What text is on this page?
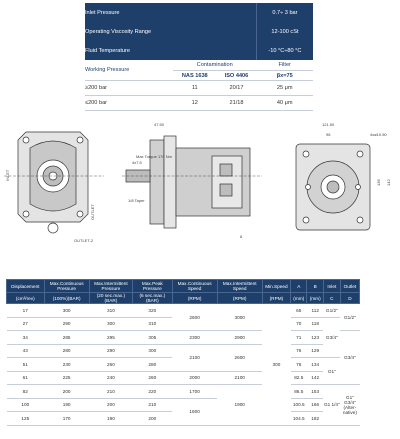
Inlet Pressure			0.7÷ 3 bar
Operating Viscosity Range			12-100 cSt
Fluid Temperature			-10 °C÷80 °C
Working Pressure	Contamination		Filter
	NAS 1638	ISO 4406	βx=75
≥200 bar	11	20/17	25 μm
≤200 bar	12	21/18	40 μm
INLET
OUTLET
OUTLET-2
47.50
Max Torque 170 Nm
4x7.5
1/8 Taper
8
121.50
96	4x⌀10.50
136 142
Displacement	Max.Continuous Pressure	Max.Intermittent Pressure	Max.Peak Pressure	Max.Continuous Speed	Max.Intermittent Speed	Min.Speed	A	B	Inlet	Outlet
(cm³/rev)	(100%)(BAR)	(20 sec.max.)(BAR)	(6 sec.max.)(BAR)	(RPM)	(RPM)	(RPM)	(mm)	(mm)	C	D
17	300	310	320	2600	3000	300	65	112	G1/2"	G1/2"
27	290	300	310				70	118	G3/4"	
34	285	295	305	2300	2900		71	123		G3/4"
43	280	290	300	2100	2600		76	129		
51	230	260	280				76	134	G1"	
61	225	240	260	2000	2100		82.5	142		
82	200	210	220	1700	1900		86.5	153	G1 1/4"	G1" G3/4" (Alter-native)
100	190	200	210	1600			100.5	166		
125	170	190	200				104.5	182		
